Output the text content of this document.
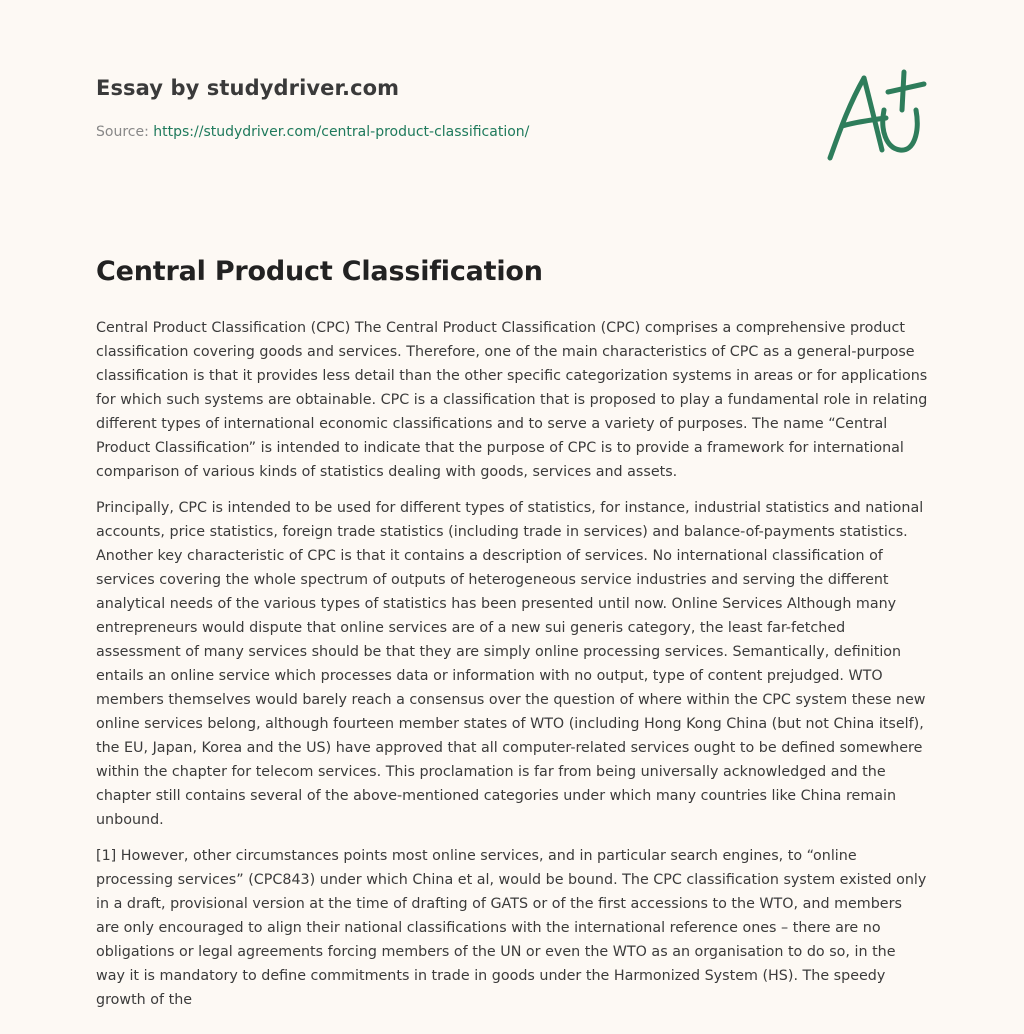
Essay by studydriver.com

Source: https://studydriver.com/central-product-classification/

Central Product Classification

Central Product Classification (CPC) The Central Product Classification (CPC) comprises a comprehensive product classification covering goods and services. Therefore, one of the main characteristics of CPC as a general-purpose classification is that it provides less detail than the other specific categorization systems in areas or for applications for which such systems are obtainable. CPC is a classification that is proposed to play a fundamental role in relating different types of international economic classifications and to serve a variety of purposes. The name “Central Product Classification” is intended to indicate that the purpose of CPC is to provide a framework for international comparison of various kinds of statistics dealing with goods, services and assets.

Principally, CPC is intended to be used for different types of statistics, for instance, industrial statistics and national accounts, price statistics, foreign trade statistics (including trade in services) and balance-of-payments statistics. Another key characteristic of CPC is that it contains a description of services. No international classification of services covering the whole spectrum of outputs of heterogeneous service industries and serving the different analytical needs of the various types of statistics has been presented until now. Online Services Although many entrepreneurs would dispute that online services are of a new sui generis category, the least far-fetched assessment of many services should be that they are simply online processing services. Semantically, definition entails an online service which processes data or information with no output, type of content prejudged. WTO members themselves would barely reach a consensus over the question of where within the CPC system these new online services belong, although fourteen member states of WTO (including Hong Kong China (but not China itself), the EU, Japan, Korea and the US) have approved that all computer-related services ought to be defined somewhere within the chapter for telecom services. This proclamation is far from being universally acknowledged and the chapter still contains several of the above-mentioned categories under which many countries like China remain unbound.

[1] However, other circumstances points most online services, and in particular search engines, to “online processing services” (CPC843) under which China et al, would be bound. The CPC classification system existed only in a draft, provisional version at the time of drafting of GATS or of the first accessions to the WTO, and members are only encouraged to align their national classifications with the international reference ones – there are no obligations or legal agreements forcing members of the UN or even the WTO as an organisation to do so, in the way it is mandatory to define commitments in trade in goods under the Harmonized System (HS). The speedy growth of the
